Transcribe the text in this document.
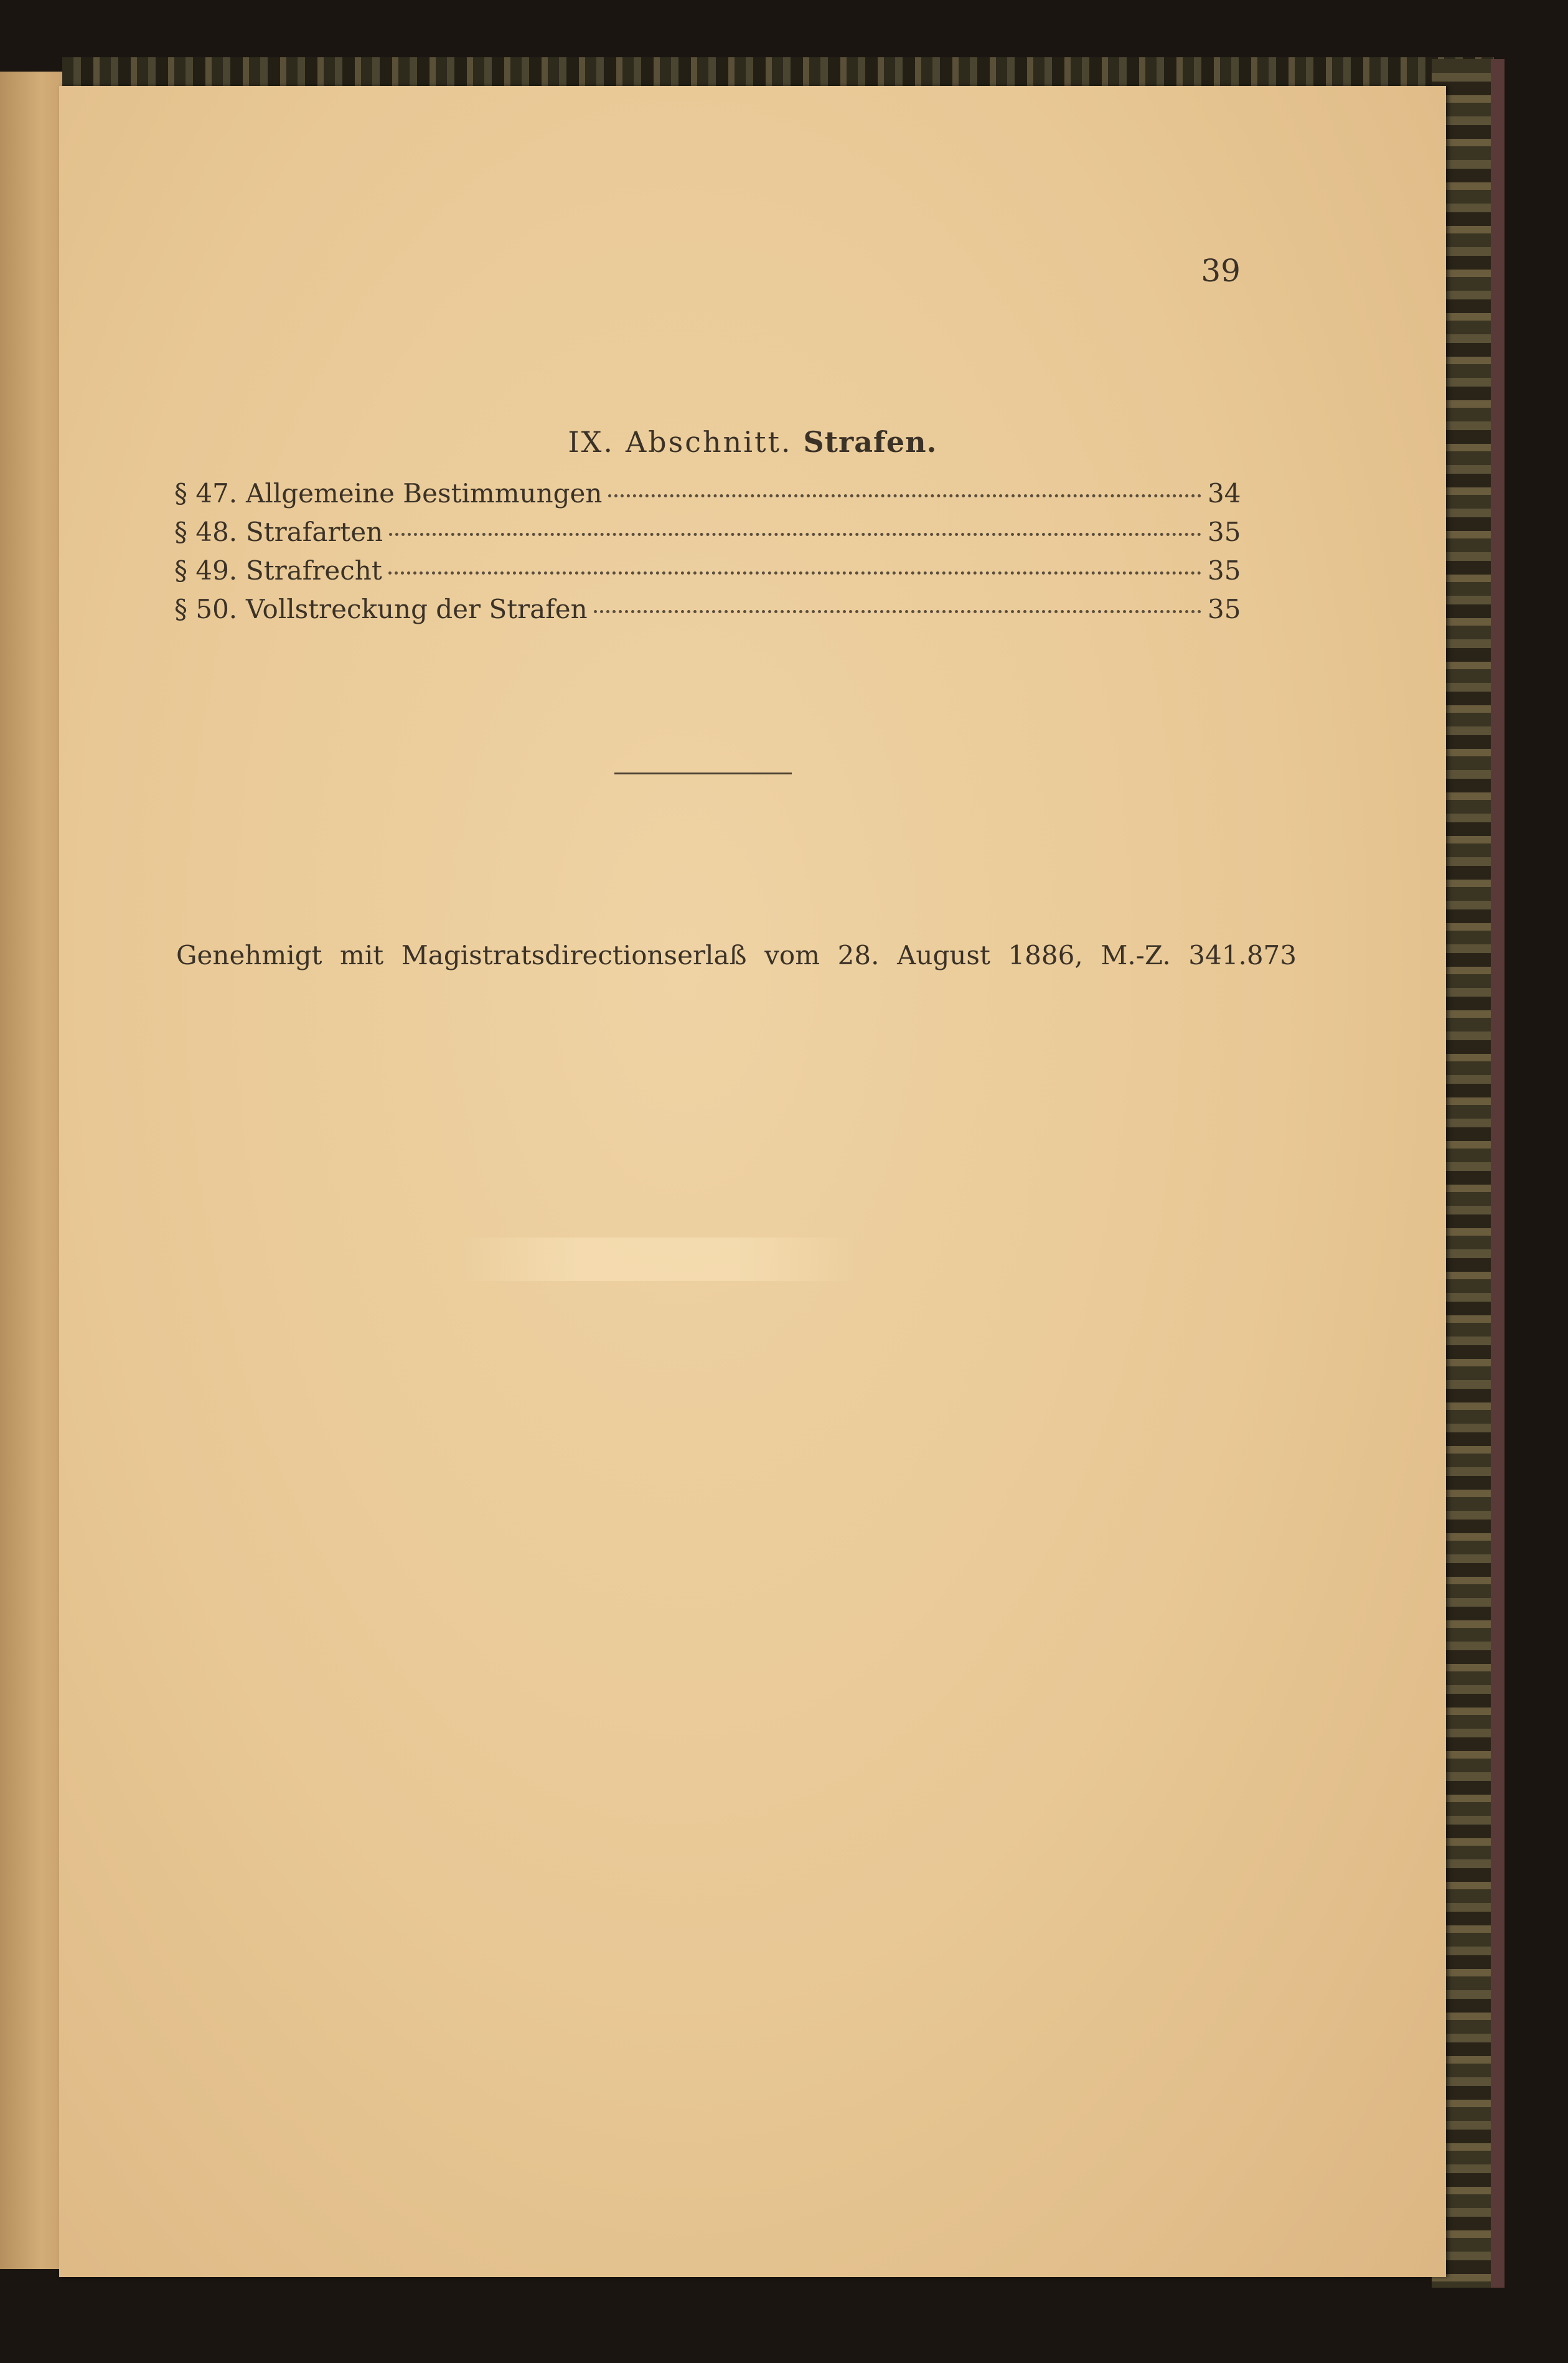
39
IX. Abschnitt. Strafen.
§ 47. Allgemeine Bestimmungen	34
§ 48. Strafarten	35
§ 49. Strafrecht	35
§ 50. Vollstreckung der Strafen	35
Genehmigt mit Magistratsdirectionserlaß vom 28. August 1886, M.-Z. 341.873
